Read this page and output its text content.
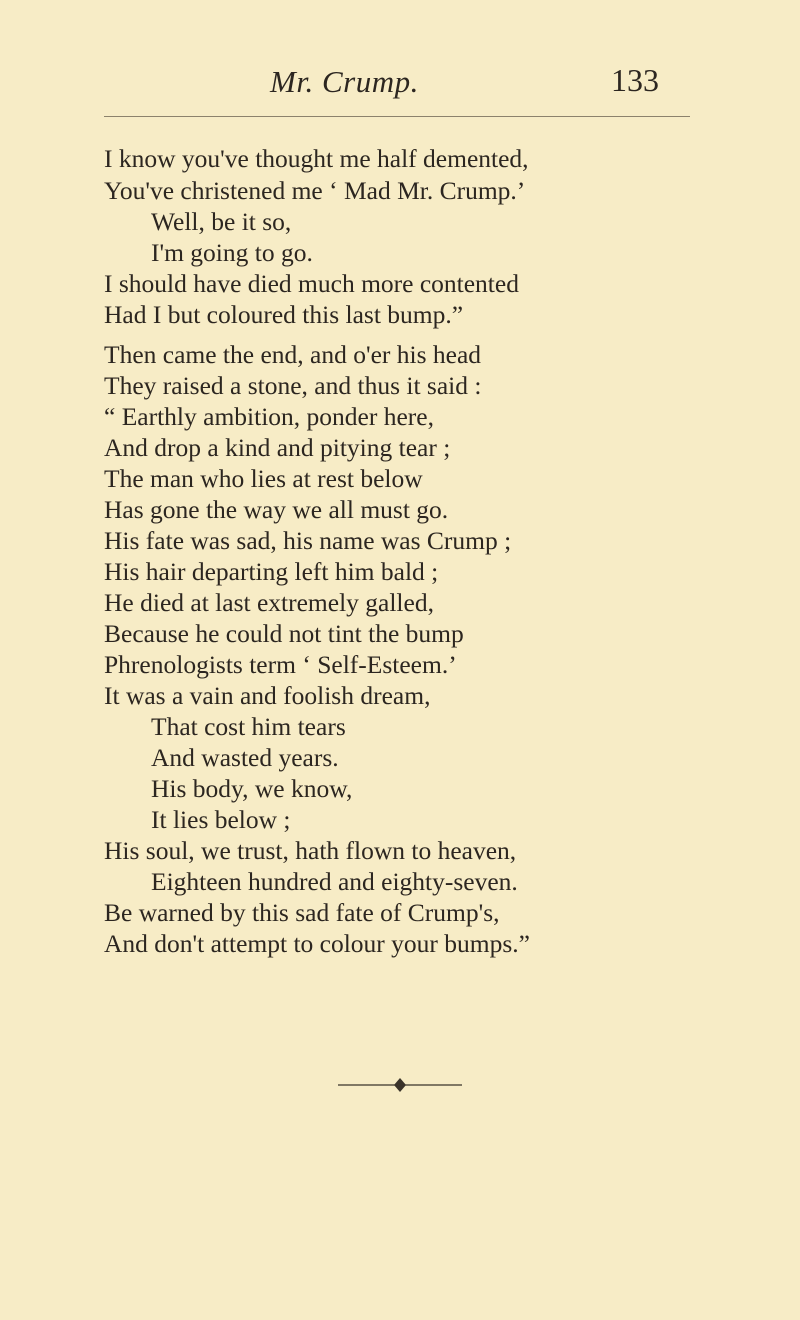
Mr. Crump.	133
I know you've thought me half demented,
You've christened me ‘ Mad Mr. Crump.’
Well, be it so,
I'm going to go.
I should have died much more contented
Had I but coloured this last bump.”
Then came the end, and o'er his head
They raised a stone, and thus it said :
“ Earthly ambition, ponder here,
And drop a kind and pitying tear ;
The man who lies at rest below
Has gone the way we all must go.
His fate was sad, his name was Crump ;
His hair departing left him bald ;
He died at last extremely galled,
Because he could not tint the bump
Phrenologists term ‘ Self-Esteem.’
It was a vain and foolish dream,
That cost him tears
And wasted years.
His body, we know,
It lies below ;
His soul, we trust, hath flown to heaven,
Eighteen hundred and eighty-seven.
Be warned by this sad fate of Crump's,
And don't attempt to colour your bumps.”
